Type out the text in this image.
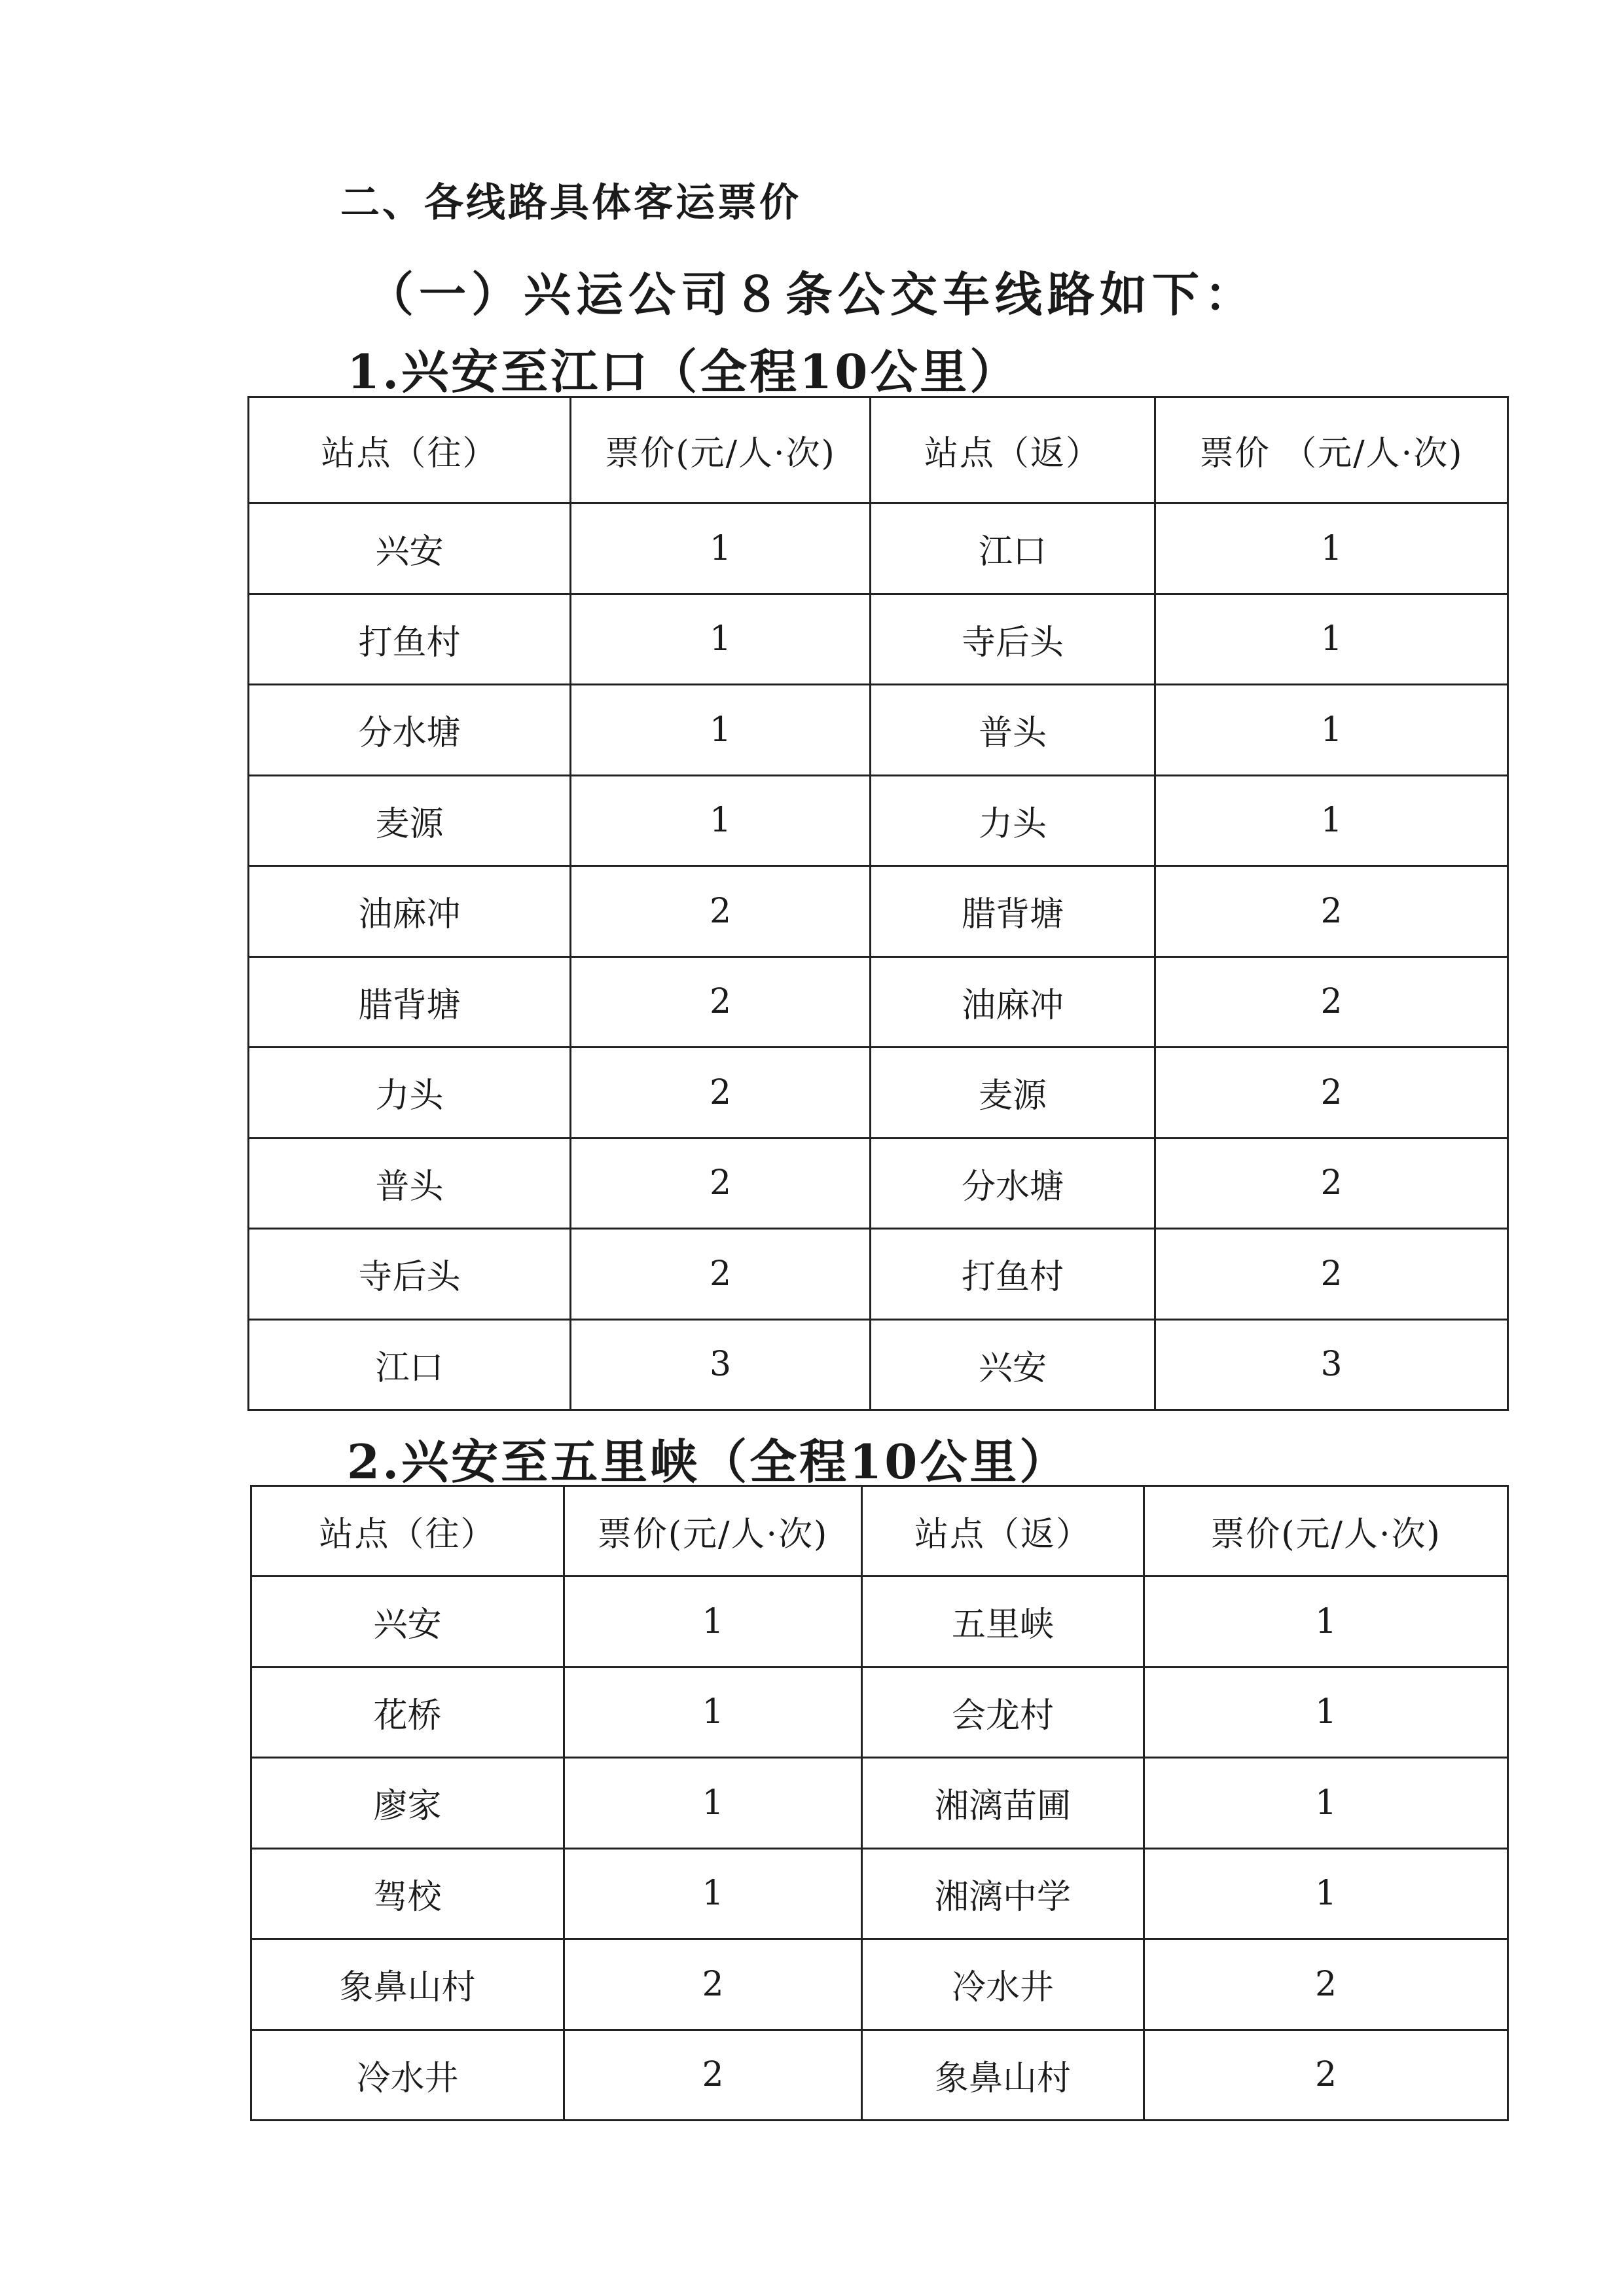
二、各线路具体客运票价
（一）兴运公司８条公交车线路如下：
1.兴安至江口（全程10公里）
站点（往）	票价(元/人·次)	站点（返）	票价 （元/人·次)
兴安	1	江口	1
打鱼村	1	寺后头	1
分水塘	1	普头	1
麦源	1	力头	1
油麻冲	2	腊背塘	2
腊背塘	2	油麻冲	2
力头	2	麦源	2
普头	2	分水塘	2
寺后头	2	打鱼村	2
江口	3	兴安	3
2.兴安至五里峡（全程10公里）
站点（往）	票价(元/人·次)	站点（返）	票价(元/人·次)
兴安	1	五里峡	1
花桥	1	会龙村	1
廖家	1	湘漓苗圃	1
驾校	1	湘漓中学	1
象鼻山村	2	冷水井	2
冷水井	2	象鼻山村	2
